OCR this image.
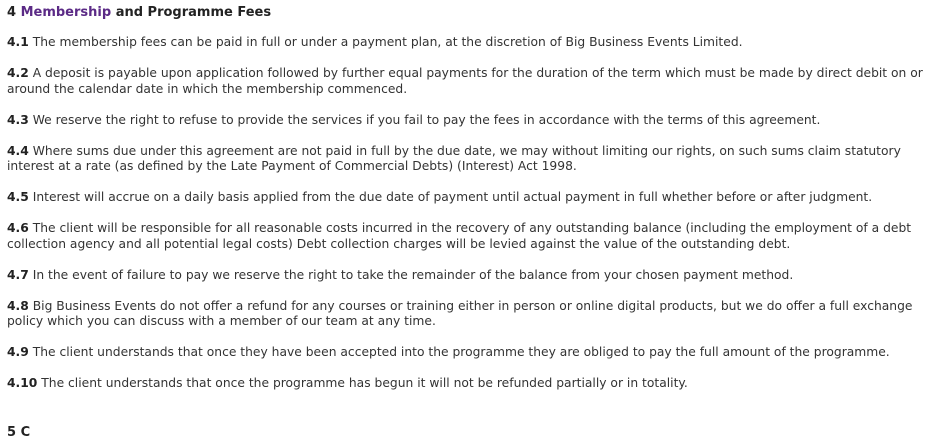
4 Membership and Programme Fees

4.1 The membership fees can be paid in full or under a payment plan, at the discretion of Big Business Events Limited.

4.2 A deposit is payable upon application followed by further equal payments for the duration of the term which must be made by direct debit on or around the calendar date in which the membership commenced.

4.3 We reserve the right to refuse to provide the services if you fail to pay the fees in accordance with the terms of this agreement.

4.4 Where sums due under this agreement are not paid in full by the due date, we may without limiting our rights, on such sums claim statutory interest at a rate (as defined by the Late Payment of Commercial Debts) (Interest) Act 1998.

4.5 Interest will accrue on a daily basis applied from the due date of payment until actual payment in full whether before or after judgment.

4.6 The client will be responsible for all reasonable costs incurred in the recovery of any outstanding balance (including the employment of a debt collection agency and all potential legal costs) Debt collection charges will be levied against the value of the outstanding debt.

4.7 In the event of failure to pay we reserve the right to take the remainder of the balance from your chosen payment method.

4.8 Big Business Events do not offer a refund for any courses or training either in person or online digital products, but we do offer a full exchange policy which you can discuss with a member of our team at any time.

4.9 The client understands that once they have been accepted into the programme they are obliged to pay the full amount of the programme.

4.10 The client understands that once the programme has begun it will not be refunded partially or in totality.

5 C
